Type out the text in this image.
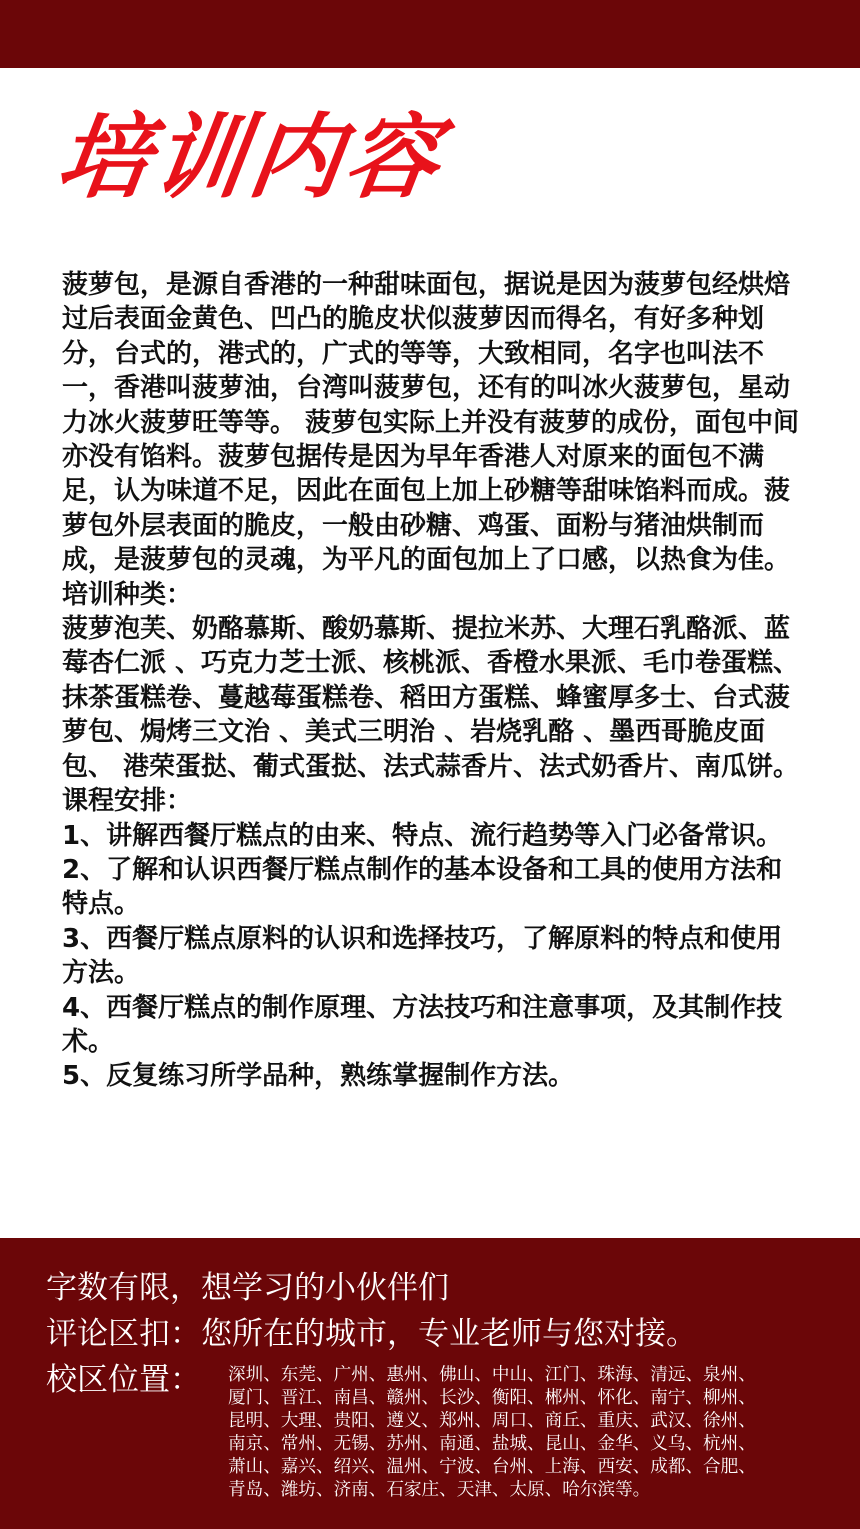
培训内容

菠萝包，是源自香港的一种甜味面包，据说是因为菠萝包经烘焙过后表面金黄色、凹凸的脆皮状似菠萝因而得名，有好多种划分，台式的，港式的，广式的等等，大致相同，名字也叫法不一，香港叫菠萝油，台湾叫菠萝包，还有的叫冰火菠萝包，星动力冰火菠萝旺等等。 菠萝包实际上并没有菠萝的成份，面包中间亦没有馅料。菠萝包据传是因为早年香港人对原来的面包不满足，认为味道不足，因此在面包上加上砂糖等甜味馅料而成。菠萝包外层表面的脆皮，一般由砂糖、鸡蛋、面粉与猪油烘制而成，是菠萝包的灵魂，为平凡的面包加上了口感，以热食为佳。

培训种类：

菠萝泡芙、奶酪慕斯、酸奶慕斯、提拉米苏、大理石乳酪派、蓝莓杏仁派 、巧克力芝士派、核桃派、香橙水果派、毛巾卷蛋糕、抹茶蛋糕卷、蔓越莓蛋糕卷、稻田方蛋糕、蜂蜜厚多士、台式菠萝包、焗烤三文治 、美式三明治 、岩烧乳酪 、墨西哥脆皮面包、 港荣蛋挞、葡式蛋挞、法式蒜香片、法式奶香片、南瓜饼。

课程安排：

1、讲解西餐厅糕点的由来、特点、流行趋势等入门必备常识。

2、了解和认识西餐厅糕点制作的基本设备和工具的使用方法和特点。

3、西餐厅糕点原料的认识和选择技巧，了解原料的特点和使用方法。

4、西餐厅糕点的制作原理、方法技巧和注意事项，及其制作技术。

5、反复练习所学品种，熟练掌握制作方法。

字数有限，想学习的小伙伴们
评论区扣：您所在的城市，专业老师与您对接。
校区位置： 深圳、东莞、广州、惠州、佛山、中山、江门、珠海、清远、泉州、
厦门、晋江、南昌、赣州、长沙、衡阳、郴州、怀化、南宁、柳州、
昆明、大理、贵阳、遵义、郑州、周口、商丘、重庆、武汉、徐州、
南京、常州、无锡、苏州、南通、盐城、昆山、金华、义乌、杭州、
萧山、嘉兴、绍兴、温州、宁波、台州、上海、西安、成都、合肥、
青岛、潍坊、济南、石家庄、天津、太原、哈尔滨等。
